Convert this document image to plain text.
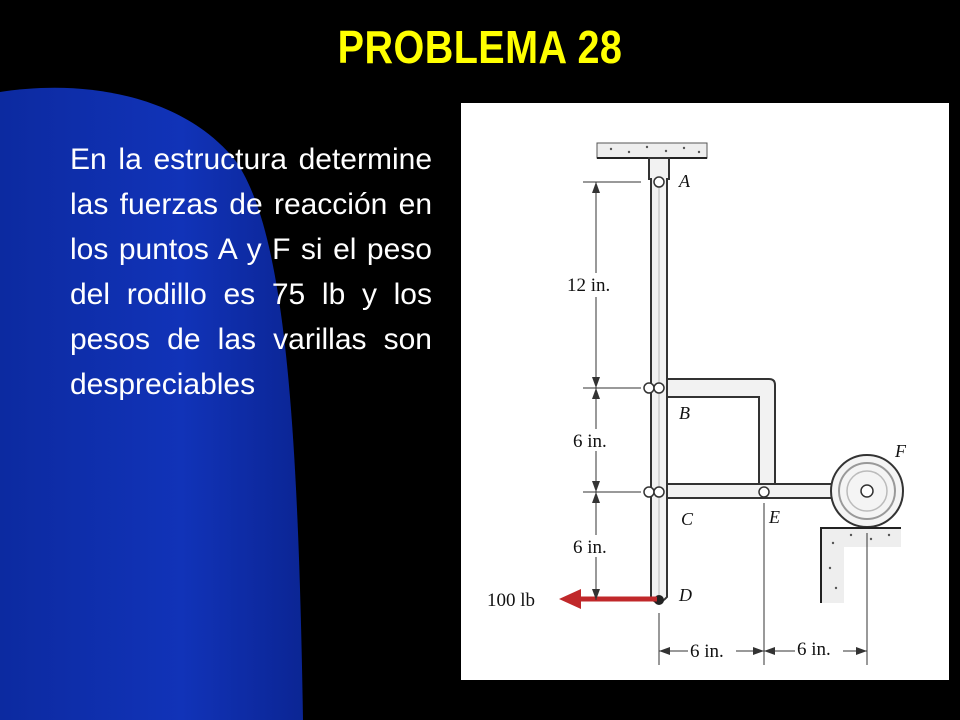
PROBLEMA 28
En la estructura determine las fuerzas de reacción en los puntos A y F si el peso del rodillo es 75 lb y los pesos de las varillas son despreciables
100 lb
12 in.
6 in.
6 in.
6 in.	6 in.
A
B
C
D
E
F
